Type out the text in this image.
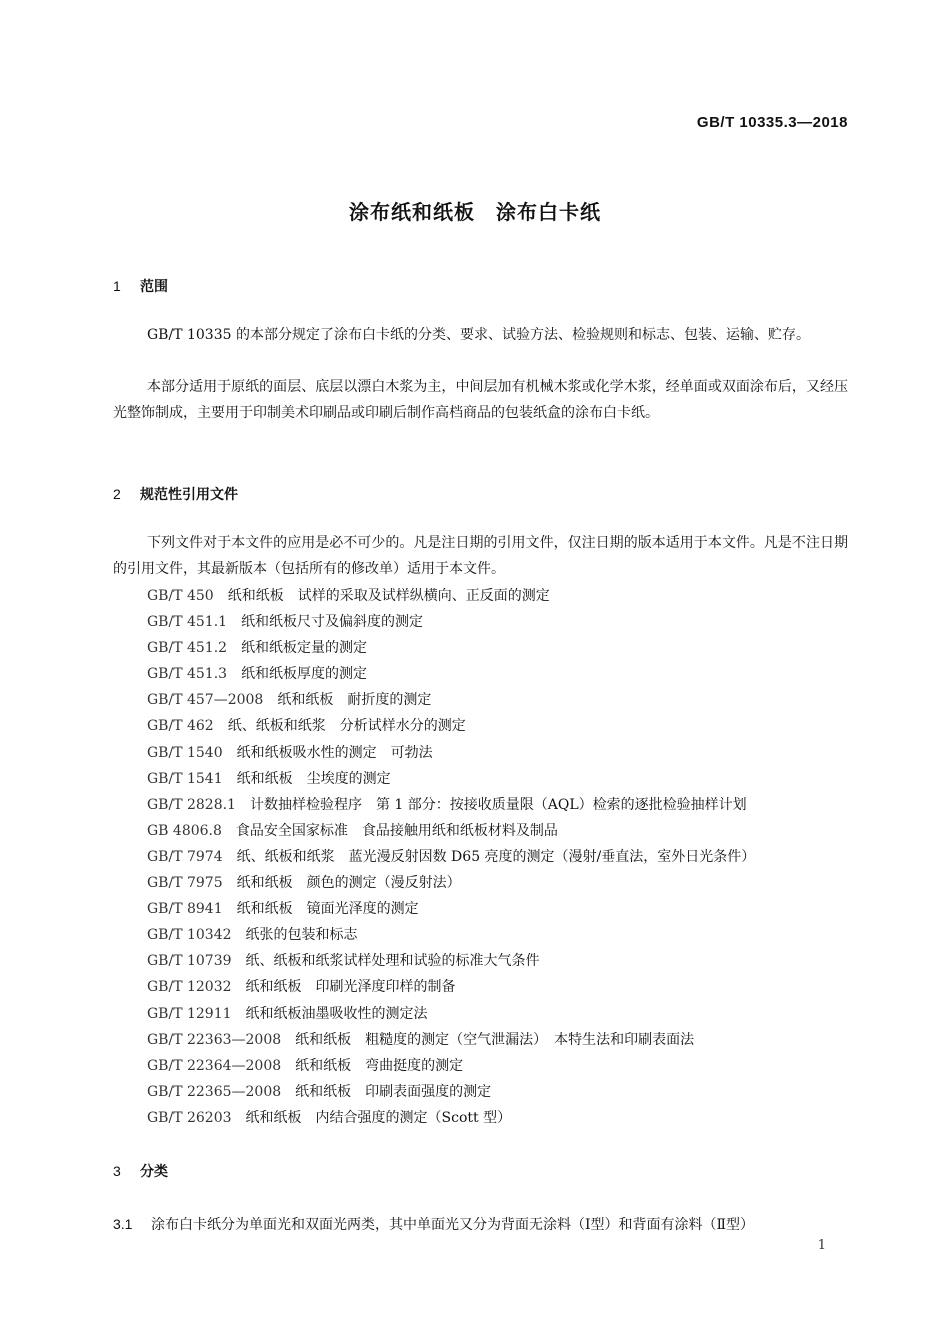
GB/T 10335.3—2018
涂布纸和纸板　涂布白卡纸
1 范围
GB/T 10335 的本部分规定了涂布白卡纸的分类、要求、试验方法、检验规则和标志、包装、运输、贮存。
本部分适用于原纸的面层、底层以漂白木浆为主，中间层加有机械木浆或化学木浆，经单面或双面涂布后，又经压光整饰制成，主要用于印制美术印刷品或印刷后制作高档商品的包装纸盒的涂布白卡纸。
2 规范性引用文件
下列文件对于本文件的应用是必不可少的。凡是注日期的引用文件，仅注日期的版本适用于本文件。凡是不注日期的引用文件，其最新版本（包括所有的修改单）适用于本文件。
GB/T 450　 纸和纸板　试样的采取及试样纵横向、正反面的测定
GB/T 451.1　 纸和纸板尺寸及偏斜度的测定
GB/T 451.2　 纸和纸板定量的测定
GB/T 451.3　 纸和纸板厚度的测定
GB/T 457—2008　 纸和纸板　耐折度的测定
GB/T 462　 纸、纸板和纸浆　分析试样水分的测定
GB/T 1540　 纸和纸板吸水性的测定　可勃法
GB/T 1541　 纸和纸板　尘埃度的测定
GB/T 2828.1　 计数抽样检验程序　第 1 部分：按接收质量限（AQL）检索的逐批检验抽样计划
GB 4806.8　 食品安全国家标准　食品接触用纸和纸板材料及制品
GB/T 7974　 纸、纸板和纸浆　蓝光漫反射因数 D65 亮度的测定（漫射/垂直法，室外日光条件）
GB/T 7975　 纸和纸板　颜色的测定（漫反射法）
GB/T 8941　 纸和纸板　镜面光泽度的测定
GB/T 10342　 纸张的包装和标志
GB/T 10739　 纸、纸板和纸浆试样处理和试验的标准大气条件
GB/T 12032　 纸和纸板　印刷光泽度印样的制备
GB/T 12911　 纸和纸板油墨吸收性的测定法
GB/T 22363—2008　 纸和纸板　粗糙度的测定（空气泄漏法）　本特生法和印刷表面法
GB/T 22364—2008　 纸和纸板　弯曲挺度的测定
GB/T 22365—2008　 纸和纸板　印刷表面强度的测定
GB/T 26203　 纸和纸板　内结合强度的测定（Scott 型）
3 分类
3.1 涂布白卡纸分为单面光和双面光两类，其中单面光又分为背面无涂料（Ⅰ型）和背面有涂料（Ⅱ型）
1
